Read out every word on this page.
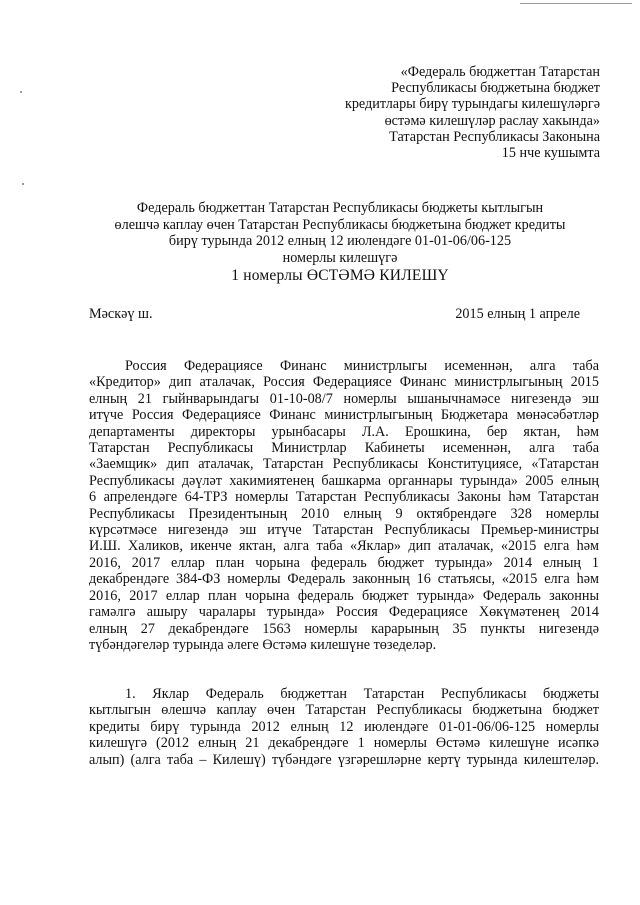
«Федераль бюджеттан Татарстан
Республикасы бюджетына бюджет
кредитлары бирү турындагы килешүләргә
өстәмә килешүләр раслау хакында»
Татарстан Республикасы Законына
15 нче кушымта
Федераль бюджеттан Татарстан Республикасы бюджеты кытлыгын
өлешчә каплау өчен Татарстан Республикасы бюджетына бюджет кредиты
бирү турында 2012 елның 12 июлендәге 01-01-06/06-125
номерлы килешүгә
1 номерлы ӨСТӘМӘ КИЛЕШҮ
Мәскәү ш.	2015 елның 1 апреле
Россия Федерациясе Финанс министрлыгы исеменнән, алга таба
«Кредитор» дип аталачак, Россия Федерациясе Финанс министрлыгының 2015
елның 21 гыйнварындагы 01-10-08/7 номерлы ышанычнамәсе нигезендә эш
итүче Россия Федерациясе Финанс министрлыгының Бюджетара мөнәсәбәтләр
департаменты директоры урынбасары Л.А. Ерошкина, бер яктан, һәм
Татарстан Республикасы Министрлар Кабинеты исеменнән, алга таба
«Заемщик» дип аталачак, Татарстан Республикасы Конституциясе, «Татарстан
Республикасы дәүләт хакимиятенең башкарма органнары турында» 2005 елның
6 апрелендәге 64-ТРЗ номерлы Татарстан Республикасы Законы һәм Татарстан
Республикасы Президентының 2010 елның 9 октябрендәге 328 номерлы
күрсәтмәсе нигезендә эш итүче Татарстан Республикасы Премьер-министры
И.Ш. Халиков, икенче яктан, алга таба «Яклар» дип аталачак, «2015 елга һәм
2016, 2017 еллар план чорына федераль бюджет турында» 2014 елның 1
декабрендәге 384-ФЗ номерлы Федераль законның 16 статьясы, «2015 елга һәм
2016, 2017 еллар план чорына федераль бюджет турында» Федераль законны
гамәлгә ашыру чаралары турында» Россия Федерациясе Хөкүмәтенең 2014
елның 27 декабрендәге 1563 номерлы карарының 35 пункты нигезендә
түбәндәгеләр турында әлеге Өстәмә килешүне төзеделәр.
1. Яклар Федераль бюджеттан Татарстан Республикасы бюджеты
кытлыгын өлешчә каплау өчен Татарстан Республикасы бюджетына бюджет
кредиты бирү турында 2012 елның 12 июлендәге 01-01-06/06-125 номерлы
килешүгә (2012 елның 21 декабрендәге 1 номерлы Өстәмә килешүне исәпкә
алып) (алга таба – Килешү) түбәндәге үзгәрешләрне кертү турында килештеләр.
